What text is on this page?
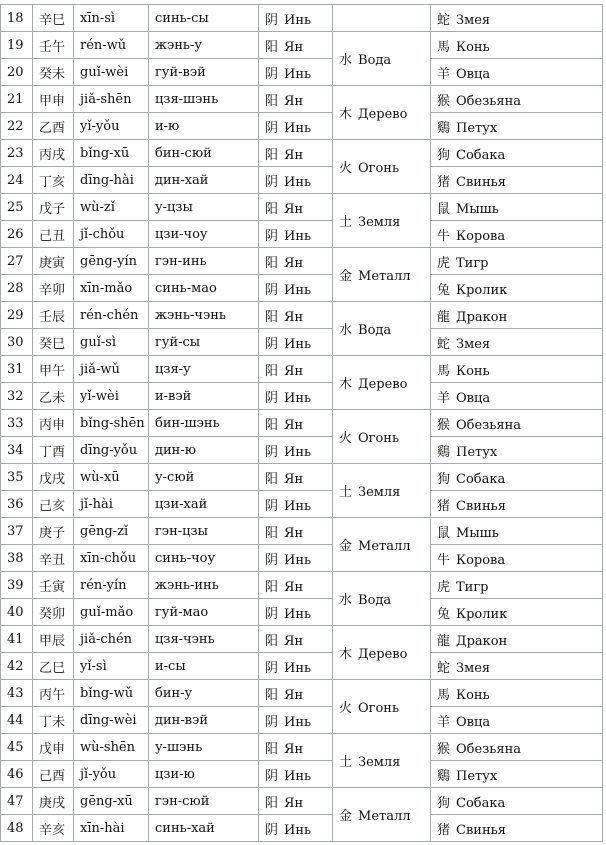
18	辛巳	xīn-sì	синь-сы	阴 Инь		蛇 Змея
19	壬午	rén-wǔ	жэнь-у	阳 Ян	水 Вода	馬 Конь
20	癸未	guǐ-wèi	гуй-вэй	阴 Инь		羊 Овца
21	甲申	jiǎ-shēn	цзя-шэнь	阳 Ян	木 Дерево	猴 Обезьяна
22	乙酉	yǐ-yǒu	и-ю	阴 Инь		鷄 Петух
23	丙戌	bǐng-xū	бин-сюй	阳 Ян	火 Огонь	狗 Собака
24	丁亥	dīng-hài	дин-хай	阴 Инь		猪 Свинья
25	戊子	wù-zǐ	у-цзы	阳 Ян	土 Земля	鼠 Мышь
26	己丑	jǐ-chǒu	цзи-чоу	阴 Инь		牛 Корова
27	庚寅	gēng-yín	гэн-инь	阳 Ян	金 Металл	虎 Тигр
28	辛卯	xīn-mǎo	синь-мао	阴 Инь		兔 Кролик
29	壬辰	rén-chén	жэнь-чэнь	阳 Ян	水 Вода	龍 Дракон
30	癸巳	guǐ-sì	гуй-сы	阴 Инь		蛇 Змея
31	甲午	jiǎ-wǔ	цзя-у	阳 Ян	木 Дерево	馬 Конь
32	乙未	yǐ-wèi	и-вэй	阴 Инь		羊 Овца
33	丙申	bǐng-shēn	бин-шэнь	阳 Ян	火 Огонь	猴 Обезьяна
34	丁酉	dīng-yǒu	дин-ю	阴 Инь		鷄 Петух
35	戊戌	wù-xū	у-сюй	阳 Ян	土 Земля	狗 Собака
36	己亥	jǐ-hài	цзи-хай	阴 Инь		猪 Свинья
37	庚子	gēng-zǐ	гэн-цзы	阳 Ян	金 Металл	鼠 Мышь
38	辛丑	xīn-chǒu	синь-чоу	阴 Инь		牛 Корова
39	壬寅	rén-yín	жэнь-инь	阳 Ян	水 Вода	虎 Тигр
40	癸卯	guǐ-mǎo	гуй-мао	阴 Инь		兔 Кролик
41	甲辰	jiǎ-chén	цзя-чэнь	阳 Ян	木 Дерево	龍 Дракон
42	乙巳	yǐ-sì	и-сы	阴 Инь		蛇 Змея
43	丙午	bǐng-wǔ	бин-у	阳 Ян	火 Огонь	馬 Конь
44	丁未	dīng-wèi	дин-вэй	阴 Инь		羊 Овца
45	戊申	wù-shēn	у-шэнь	阳 Ян	土 Земля	猴 Обезьяна
46	己酉	jǐ-yǒu	цзи-ю	阴 Инь		鷄 Петух
47	庚戌	gēng-xū	гэн-сюй	阳 Ян	金 Металл	狗 Собака
48	辛亥	xīn-hài	синь-хай	阴 Инь		猪 Свинья
